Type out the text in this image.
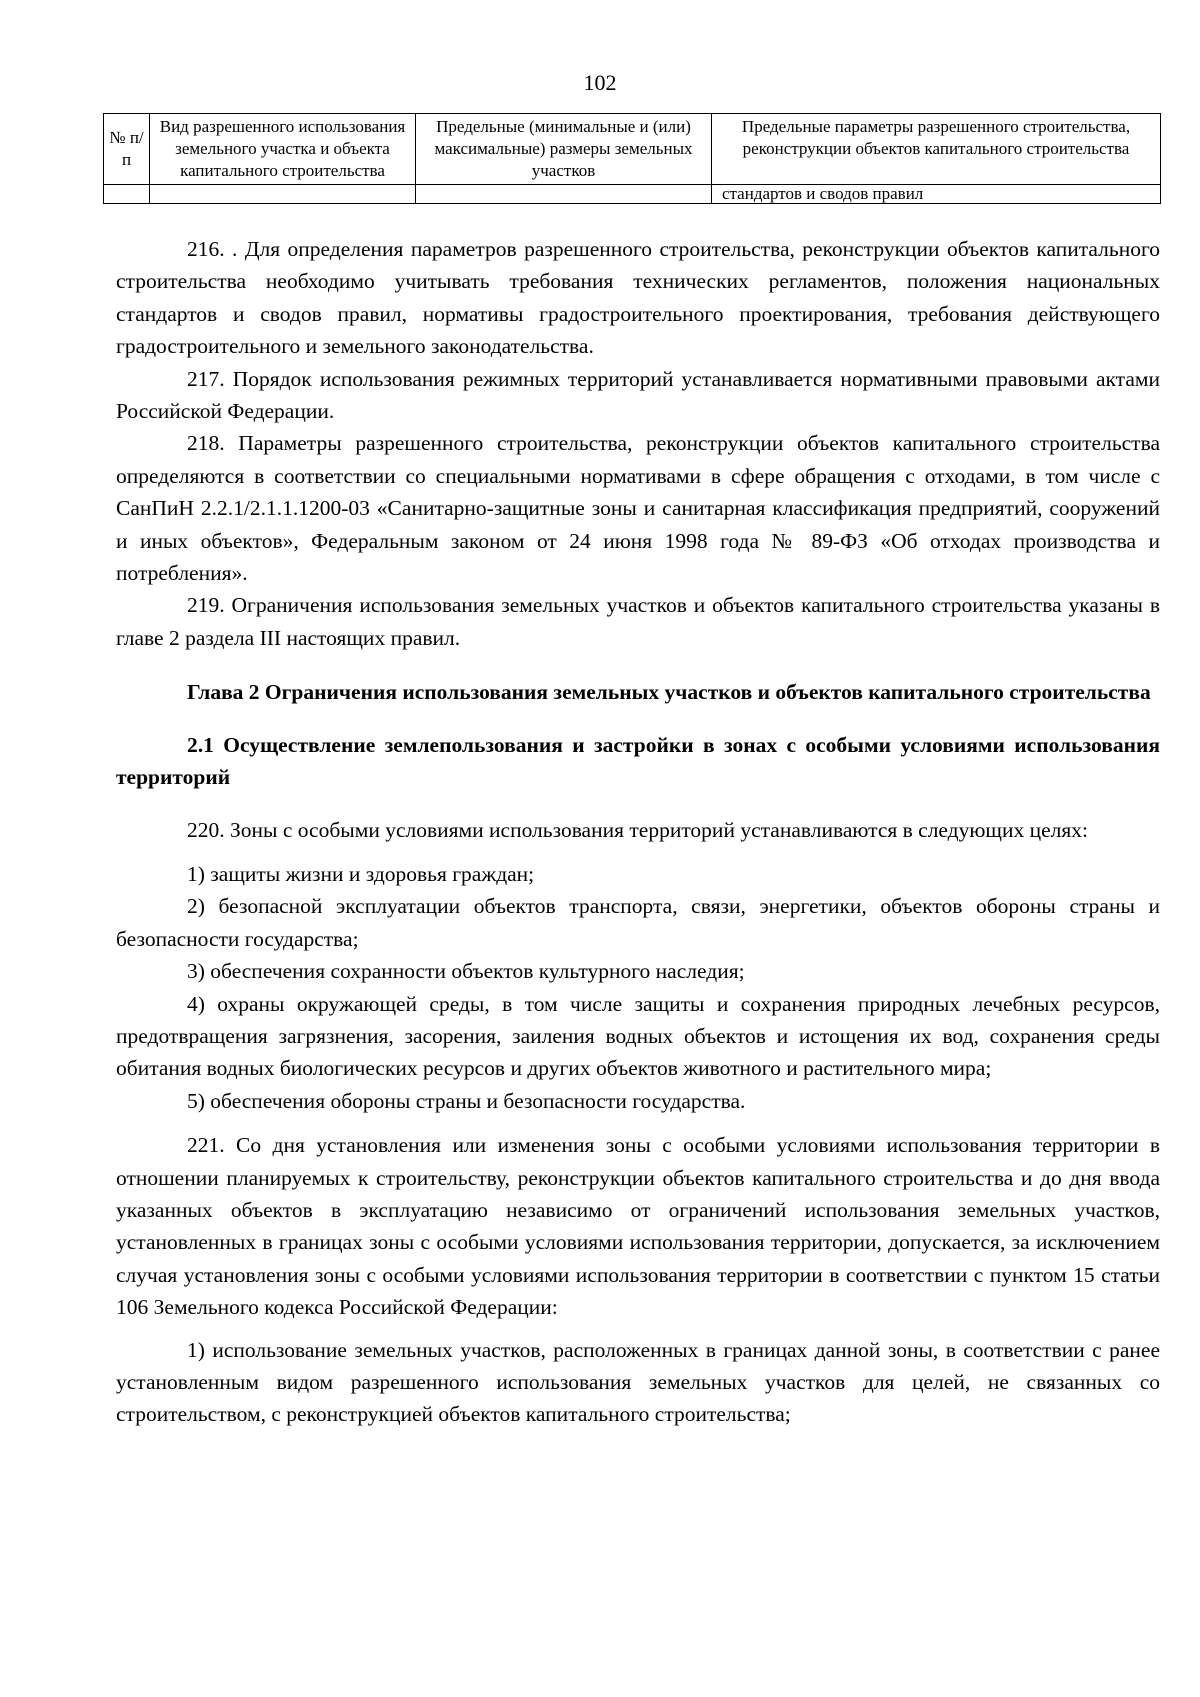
102
№ п/п	Вид разрешенного использования земельного участка и объекта капитального строительства	Предельные (минимальные и (или) максимальные) размеры земельных участков	Предельные параметры разрешенного строительства, реконструкции объектов капитального строительства
			стандартов и сводов правил

216. . Для определения параметров разрешенного строительства, реконструкции объектов капитального строительства необходимо учитывать требования технических регламентов, положения национальных стандартов и сводов правил, нормативы градостроительного проектирования, требования действующего градостроительного и земельного законодательства.

217. Порядок использования режимных территорий устанавливается нормативными правовыми актами Российской Федерации.

218. Параметры разрешенного строительства, реконструкции объектов капитального строительства определяются в соответствии со специальными нормативами в сфере обращения с отходами, в том числе с СанПиН 2.2.1/2.1.1.1200-03 «Санитарно-защитные зоны и санитарная классификация предприятий, сооружений и иных объектов», Федеральным законом от 24 июня 1998 года № 89-ФЗ «Об отходах производства и потребления».

219. Ограничения использования земельных участков и объектов капитального строительства указаны в главе 2 раздела III настоящих правил.

Глава 2 Ограничения использования земельных участков и объектов капитального строительства
2.1 Осуществление землепользования и застройки в зонах с особыми условиями использования территорий

220. Зоны с особыми условиями использования территорий устанавливаются в следующих целях:

1) защиты жизни и здоровья граждан;

2) безопасной эксплуатации объектов транспорта, связи, энергетики, объектов обороны страны и безопасности государства;

3) обеспечения сохранности объектов культурного наследия;

4) охраны окружающей среды, в том числе защиты и сохранения природных лечебных ресурсов, предотвращения загрязнения, засорения, заиления водных объектов и истощения их вод, сохранения среды обитания водных биологических ресурсов и других объектов животного и растительного мира;

5) обеспечения обороны страны и безопасности государства.

221. Со дня установления или изменения зоны с особыми условиями использования территории в отношении планируемых к строительству, реконструкции объектов капитального строительства и до дня ввода указанных объектов в эксплуатацию независимо от ограничений использования земельных участков, установленных в границах зоны с особыми условиями использования территории, допускается, за исключением случая установления зоны с особыми условиями использования территории в соответствии с пунктом 15 статьи 106 Земельного кодекса Российской Федерации:

1) использование земельных участков, расположенных в границах данной зоны, в соответствии с ранее установленным видом разрешенного использования земельных участков для целей, не связанных со строительством, с реконструкцией объектов капитального строительства;
